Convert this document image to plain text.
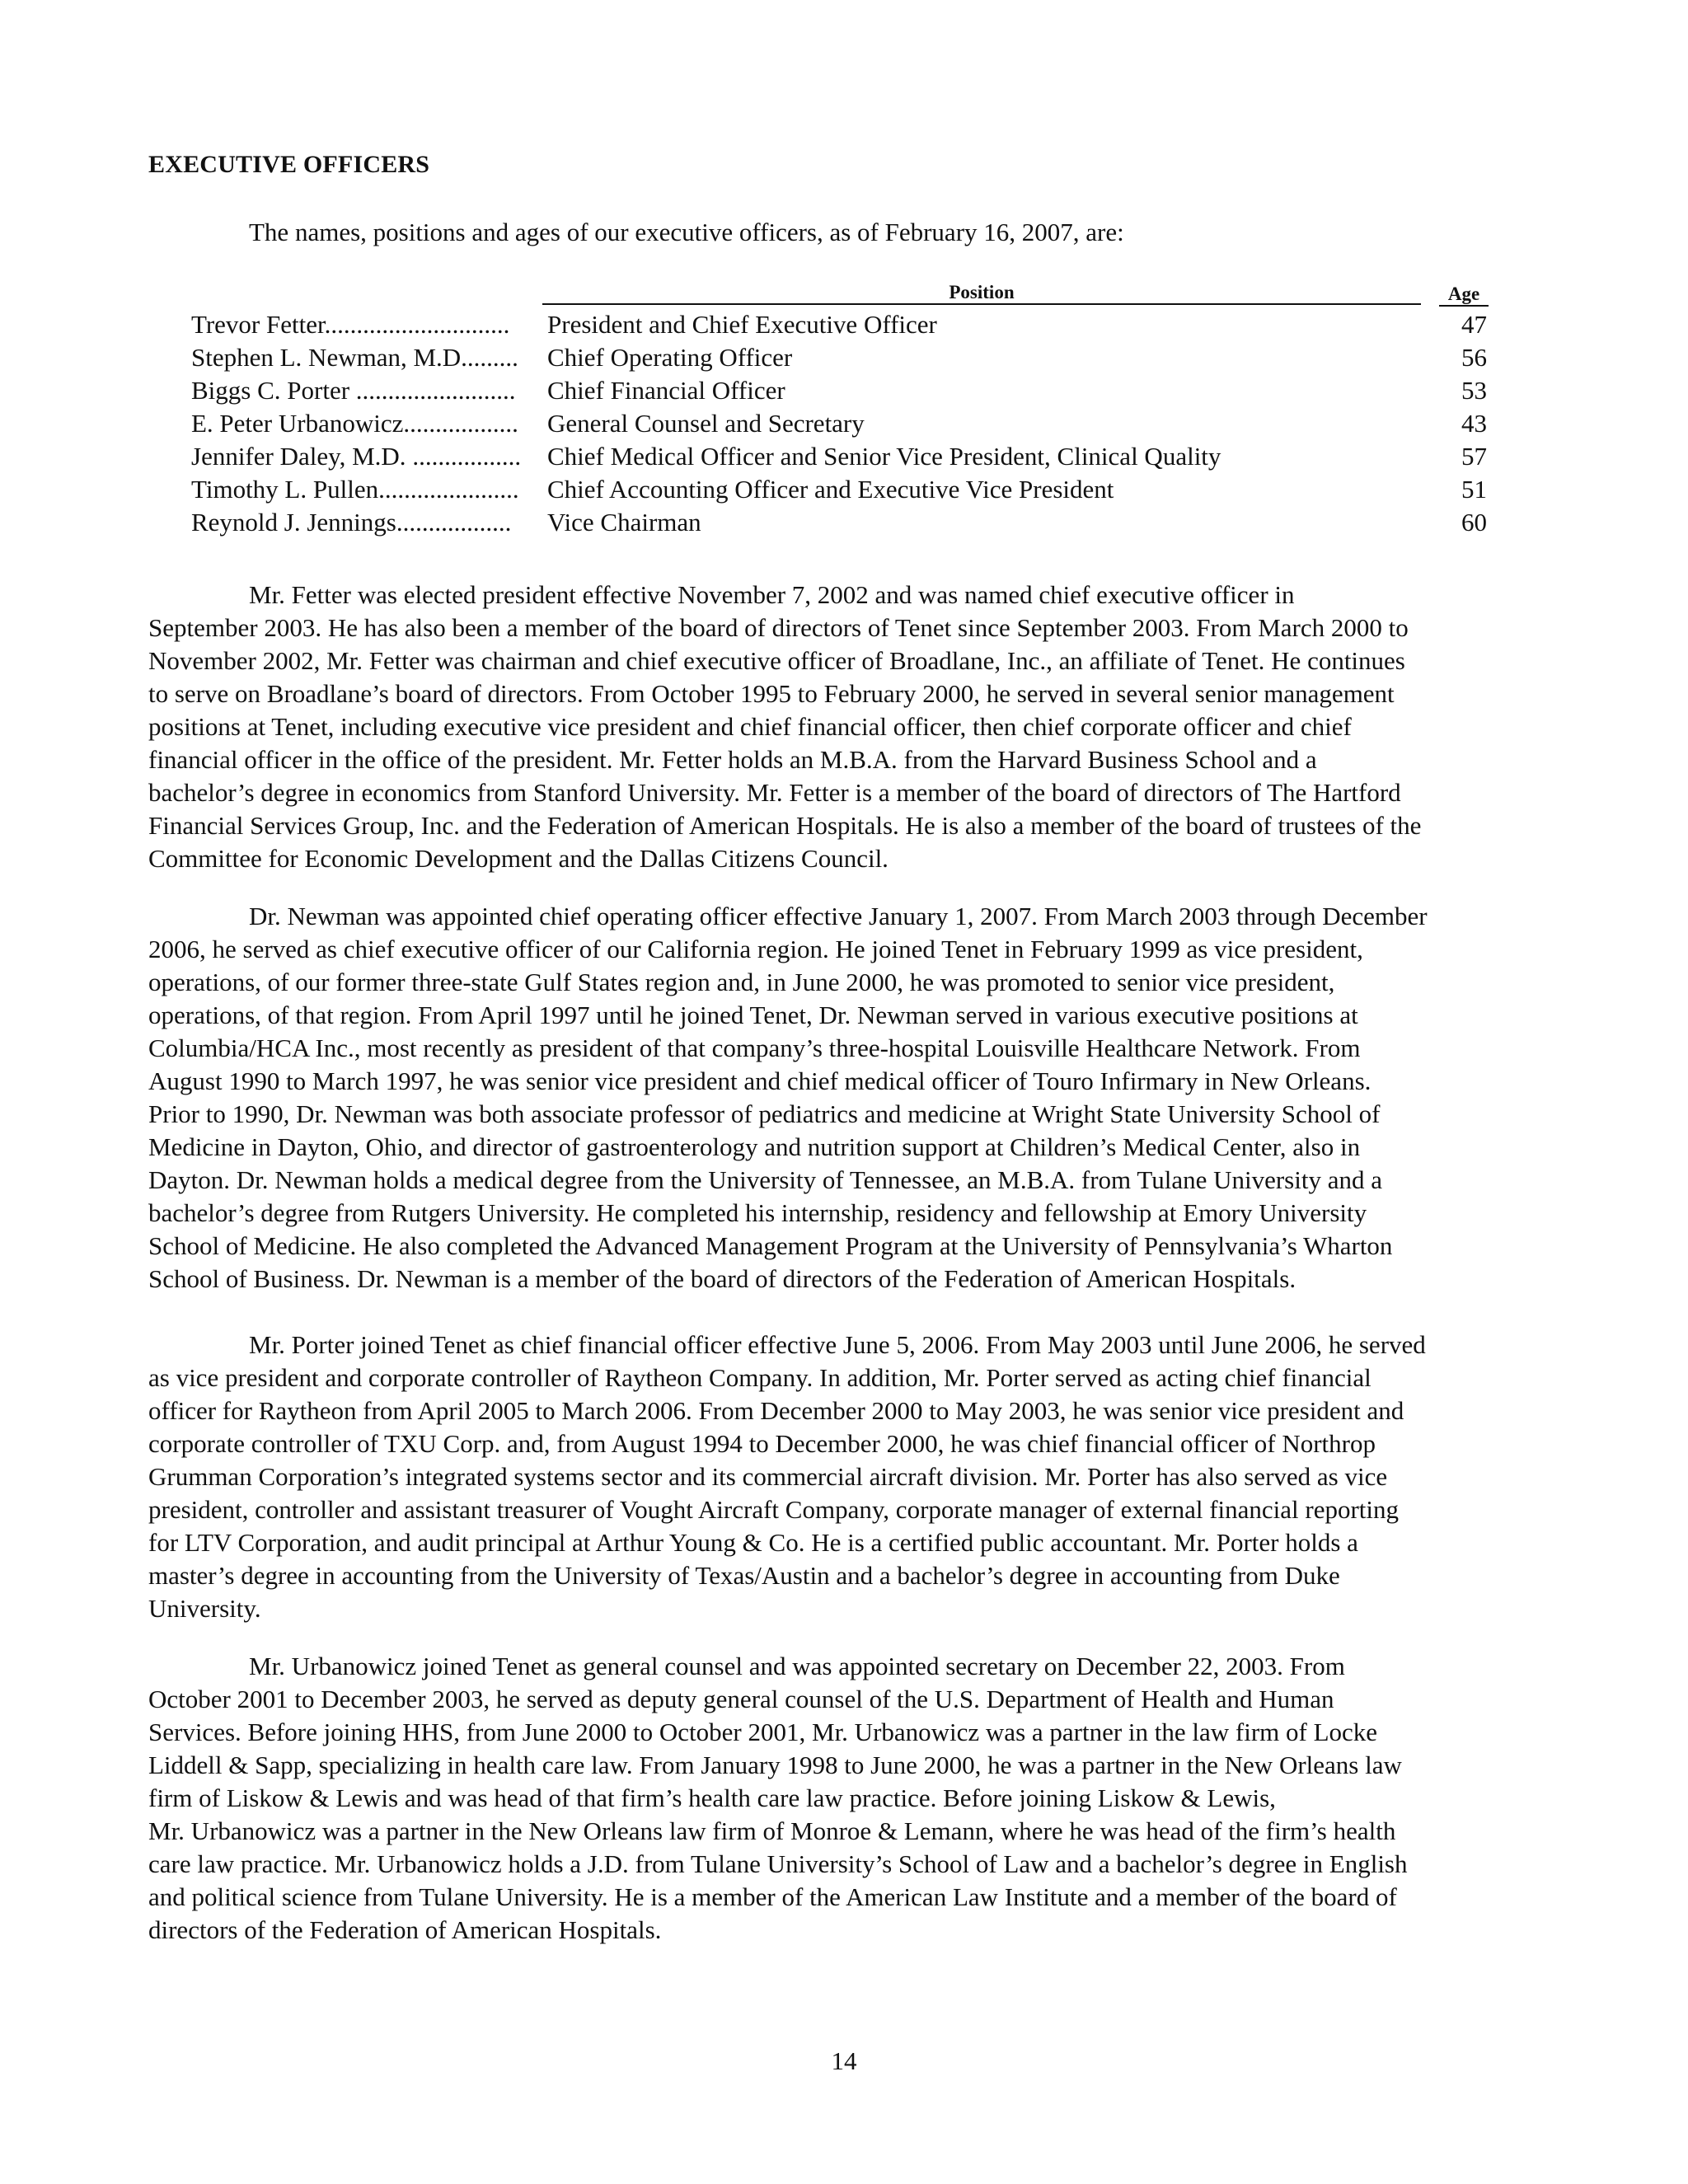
EXECUTIVE OFFICERS
The names, positions and ages of our executive officers, as of February 16, 2007, are:
Position	Age
Trevor Fetter.............................	President and Chief Executive Officer	47
Stephen L. Newman, M.D.........	Chief Operating Officer	56
Biggs C. Porter .........................	Chief Financial Officer	53
E. Peter Urbanowicz..................	General Counsel and Secretary	43
Jennifer Daley, M.D. .................	Chief Medical Officer and Senior Vice President, Clinical Quality	57
Timothy L. Pullen......................	Chief Accounting Officer and Executive Vice President	51
Reynold J. Jennings..................	Vice Chairman	60
Mr. Fetter was elected president effective November 7, 2002 and was named chief executive officer in
September 2003. He has also been a member of the board of directors of Tenet since September 2003. From March 2000 to
November 2002, Mr. Fetter was chairman and chief executive officer of Broadlane, Inc., an affiliate of Tenet. He continues
to serve on Broadlane’s board of directors. From October 1995 to February 2000, he served in several senior management
positions at Tenet, including executive vice president and chief financial officer, then chief corporate officer and chief
financial officer in the office of the president. Mr. Fetter holds an M.B.A. from the Harvard Business School and a
bachelor’s degree in economics from Stanford University. Mr. Fetter is a member of the board of directors of The Hartford
Financial Services Group, Inc. and the Federation of American Hospitals. He is also a member of the board of trustees of the
Committee for Economic Development and the Dallas Citizens Council.
Dr. Newman was appointed chief operating officer effective January 1, 2007. From March 2003 through December
2006, he served as chief executive officer of our California region. He joined Tenet in February 1999 as vice president,
operations, of our former three-state Gulf States region and, in June 2000, he was promoted to senior vice president,
operations, of that region. From April 1997 until he joined Tenet, Dr. Newman served in various executive positions at
Columbia/HCA Inc., most recently as president of that company’s three-hospital Louisville Healthcare Network. From
August 1990 to March 1997, he was senior vice president and chief medical officer of Touro Infirmary in New Orleans.
Prior to 1990, Dr. Newman was both associate professor of pediatrics and medicine at Wright State University School of
Medicine in Dayton, Ohio, and director of gastroenterology and nutrition support at Children’s Medical Center, also in
Dayton. Dr. Newman holds a medical degree from the University of Tennessee, an M.B.A. from Tulane University and a
bachelor’s degree from Rutgers University. He completed his internship, residency and fellowship at Emory University
School of Medicine. He also completed the Advanced Management Program at the University of Pennsylvania’s Wharton
School of Business. Dr. Newman is a member of the board of directors of the Federation of American Hospitals.
Mr. Porter joined Tenet as chief financial officer effective June 5, 2006. From May 2003 until June 2006, he served
as vice president and corporate controller of Raytheon Company. In addition, Mr. Porter served as acting chief financial
officer for Raytheon from April 2005 to March 2006. From December 2000 to May 2003, he was senior vice president and
corporate controller of TXU Corp. and, from August 1994 to December 2000, he was chief financial officer of Northrop
Grumman Corporation’s integrated systems sector and its commercial aircraft division. Mr. Porter has also served as vice
president, controller and assistant treasurer of Vought Aircraft Company, corporate manager of external financial reporting
for LTV Corporation, and audit principal at Arthur Young & Co. He is a certified public accountant. Mr. Porter holds a
master’s degree in accounting from the University of Texas/Austin and a bachelor’s degree in accounting from Duke
University.
Mr. Urbanowicz joined Tenet as general counsel and was appointed secretary on December 22, 2003. From
October 2001 to December 2003, he served as deputy general counsel of the U.S. Department of Health and Human
Services. Before joining HHS, from June 2000 to October 2001, Mr. Urbanowicz was a partner in the law firm of Locke
Liddell & Sapp, specializing in health care law. From January 1998 to June 2000, he was a partner in the New Orleans law
firm of Liskow & Lewis and was head of that firm’s health care law practice. Before joining Liskow & Lewis,
Mr. Urbanowicz was a partner in the New Orleans law firm of Monroe & Lemann, where he was head of the firm’s health
care law practice. Mr. Urbanowicz holds a J.D. from Tulane University’s School of Law and a bachelor’s degree in English
and political science from Tulane University. He is a member of the American Law Institute and a member of the board of
directors of the Federation of American Hospitals.
14
